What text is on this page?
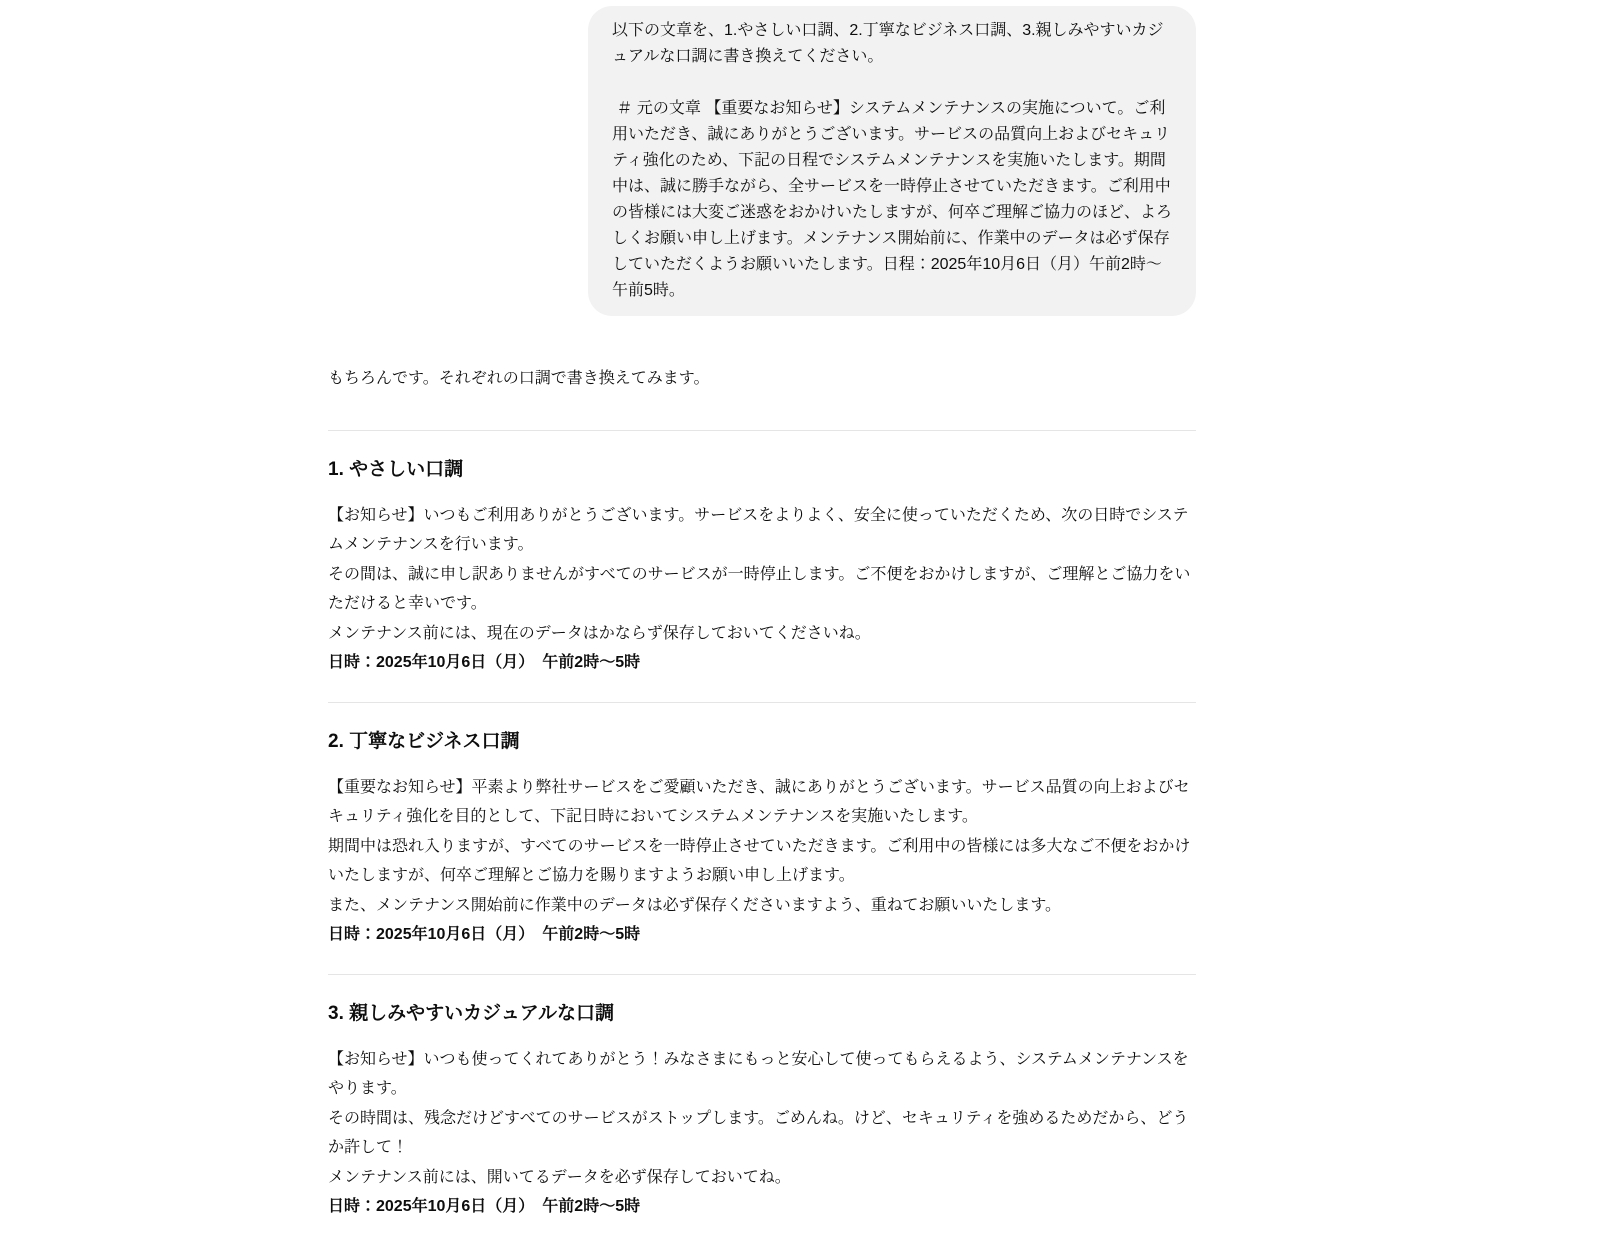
以下の文章を、1.やさしい口調、2.丁寧なビジネス口調、3.親しみやすいカジュアルな口調に書き換えてください。

＃ 元の文章 【重要なお知らせ】システムメンテナンスの実施について。ご利用いただき、誠にありがとうございます。サービスの品質向上およびセキュリティ強化のため、下記の日程でシステムメンテナンスを実施いたします。期間中は、誠に勝手ながら、全サービスを一時停止させていただきます。ご利用中の皆様には大変ご迷惑をおかけいたしますが、何卒ご理解ご協力のほど、よろしくお願い申し上げます。メンテナンス開始前に、作業中のデータは必ず保存していただくようお願いいたします。日程：2025年10月6日（月）午前2時〜午前5時。

もちろんです。それぞれの口調で書き換えてみます。

1. やさしい口調

【お知らせ】いつもご利用ありがとうございます。サービスをよりよく、安全に使っていただくため、次の日時でシステムメンテナンスを行います。
その間は、誠に申し訳ありませんがすべてのサービスが一時停止します。ご不便をおかけしますが、ご理解とご協力をいただけると幸いです。
メンテナンス前には、現在のデータはかならず保存しておいてくださいね。
日時：2025年10月6日（月）　午前2時〜5時

2. 丁寧なビジネス口調

【重要なお知らせ】平素より弊社サービスをご愛顧いただき、誠にありがとうございます。サービス品質の向上およびセキュリティ強化を目的として、下記日時においてシステムメンテナンスを実施いたします。
期間中は恐れ入りますが、すべてのサービスを一時停止させていただきます。ご利用中の皆様には多大なご不便をおかけいたしますが、何卒ご理解とご協力を賜りますようお願い申し上げます。
また、メンテナンス開始前に作業中のデータは必ず保存くださいますよう、重ねてお願いいたします。
日時：2025年10月6日（月）　午前2時〜5時

3. 親しみやすいカジュアルな口調

【お知らせ】いつも使ってくれてありがとう！みなさまにもっと安心して使ってもらえるよう、システムメンテナンスをやります。
その時間は、残念だけどすべてのサービスがストップします。ごめんね。けど、セキュリティを強めるためだから、どうか許して！
メンテナンス前には、開いてるデータを必ず保存しておいてね。
日時：2025年10月6日（月）　午前2時〜5時
